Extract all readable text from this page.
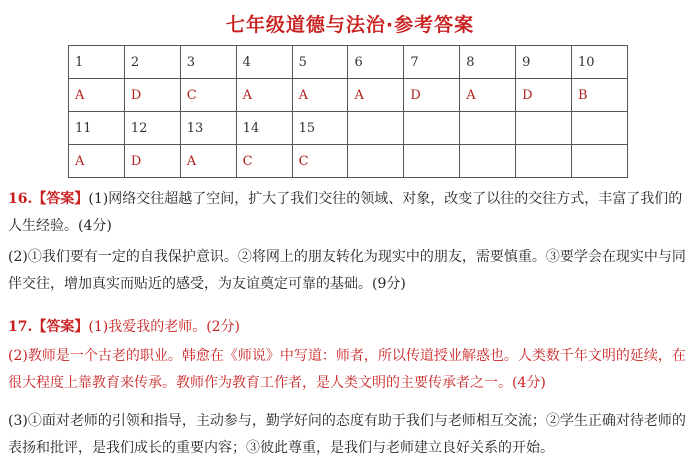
七年级道德与法治·参考答案
1	2	3	4	5	6	7	8	9	10
A	D	C	A	A	A	D	A	D	B
11	12	13	14	15					
A	D	A	C	C					
16.【答案】(1)网络交往超越了空间，扩大了我们交往的领域、对象，改变了以往的交往方式，丰富了我们的人生经验。(4分)
(2)①我们要有一定的自我保护意识。②将网上的朋友转化为现实中的朋友，需要慎重。③要学会在现实中与同伴交往，增加真实而贴近的感受，为友谊奠定可靠的基础。(9分)
17.【答案】(1)我爱我的老师。(2分)
(2)教师是一个古老的职业。韩愈在《师说》中写道：师者，所以传道授业解惑也。人类数千年文明的延续，在很大程度上靠教育来传承。教师作为教育工作者，是人类文明的主要传承者之一。(4分)
(3)①面对老师的引领和指导，主动参与，勤学好问的态度有助于我们与老师相互交流；②学生正确对待老师的表扬和批评，是我们成长的重要内容；③彼此尊重，是我们与老师建立良好关系的开始。
